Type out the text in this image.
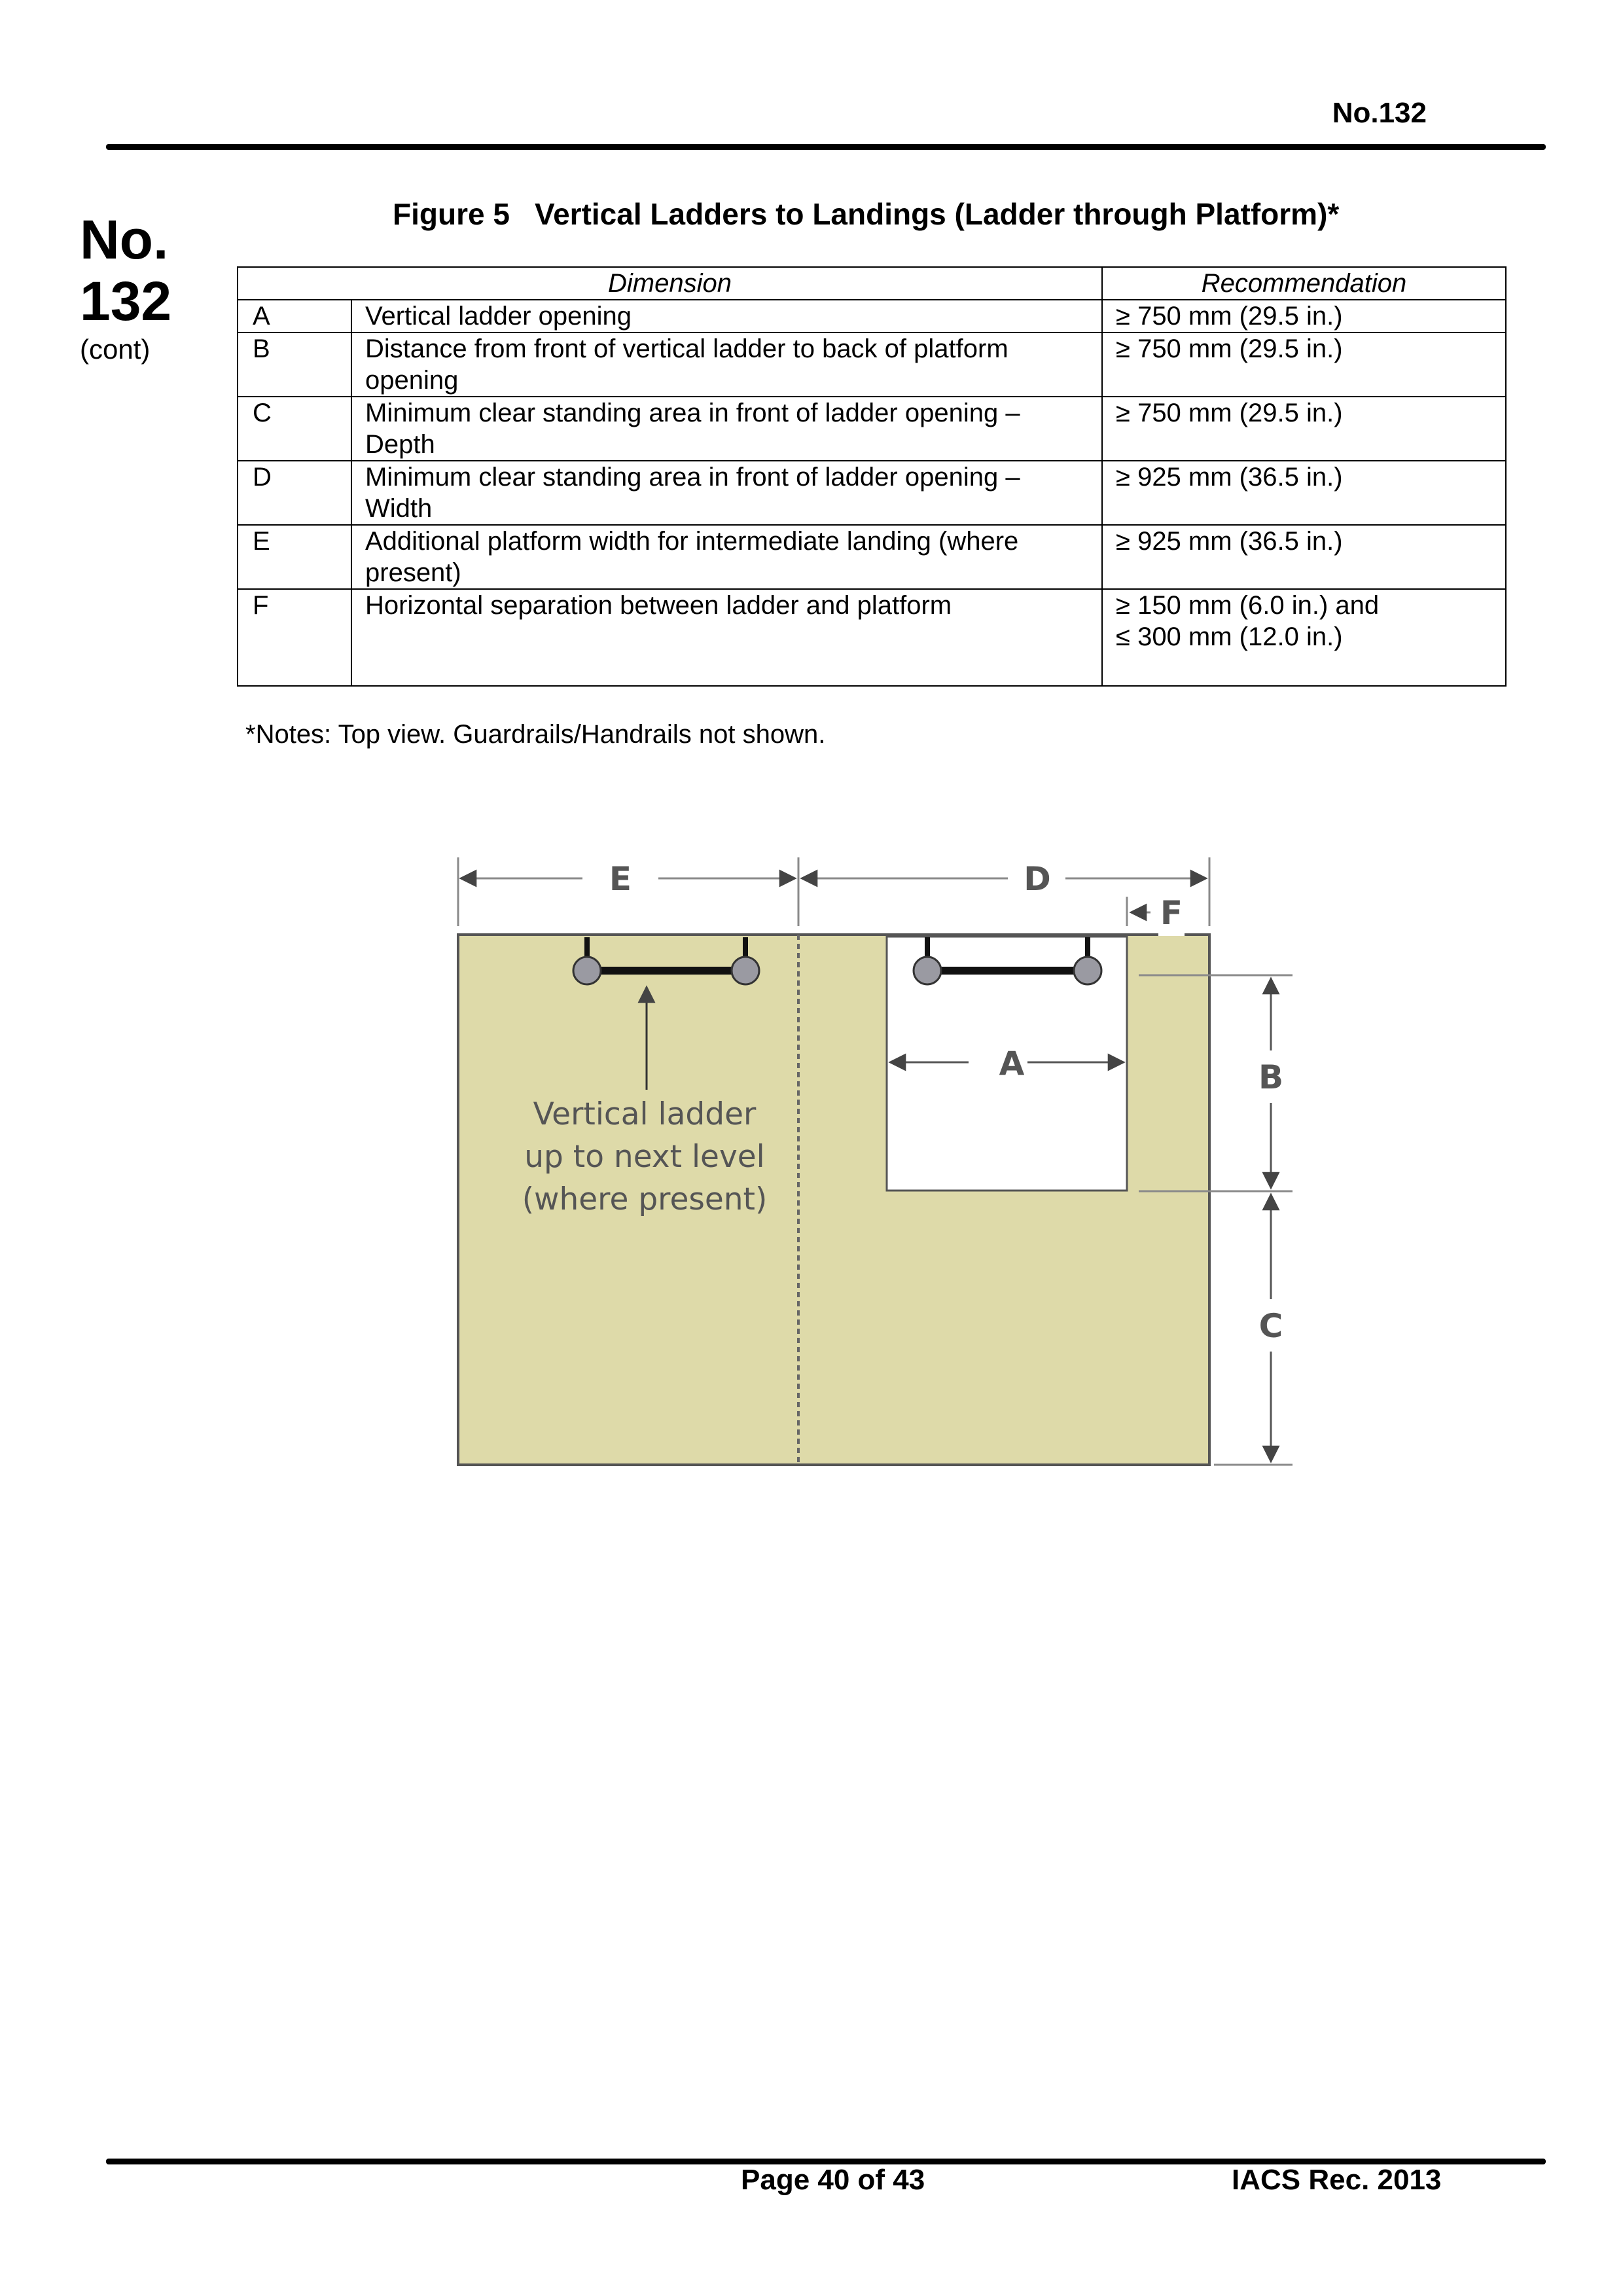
No.132
No.
132
(cont)
Figure 5 Vertical Ladders to Landings (Ladder through Platform)*
Dimension		Recommendation
A	Vertical ladder opening	≥ 750 mm (29.5 in.)

B	Distance from front of vertical ladder to back of platform opening	≥ 750 mm (29.5 in.)

C	Minimum clear standing area in front of ladder opening – Depth	≥ 750 mm (29.5 in.)

D	Minimum clear standing area in front of ladder opening – Width	≥ 925 mm (36.5 in.)

E	Additional platform width for intermediate landing (where present)	≥ 925 mm (36.5 in.)

F	Horizontal separation between ladder and platform	≥ 150 mm (6.0 in.) and
≤ 300 mm (12.0 in.)
*Notes: Top view. Guardrails/Handrails not shown.
Vertical ladder
up to next level
(where present)
E	D
F
A	B
C
Page 40 of 43	IACS Rec. 2013
